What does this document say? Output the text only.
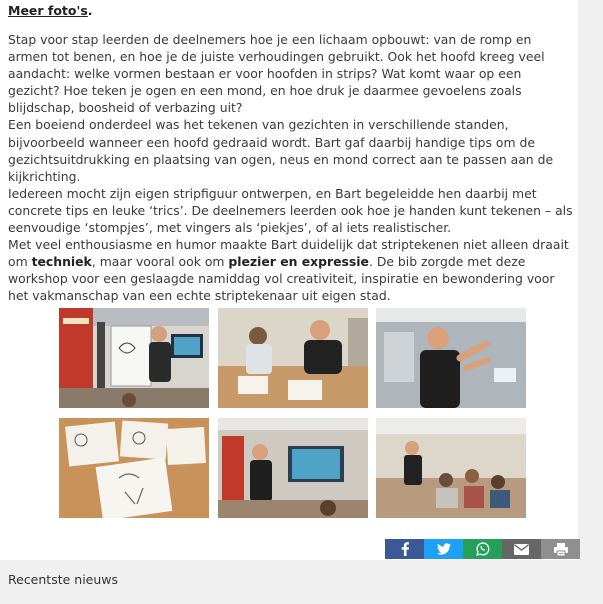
Meer foto's.

Stap voor stap leerden de deelnemers hoe je een lichaam opbouwt: van de romp en armen tot benen, en hoe je de juiste verhoudingen gebruikt. Ook het hoofd kreeg veel aandacht: welke vormen bestaan er voor hoofden in strips? Wat komt waar op een gezicht? Hoe teken je ogen en een mond, en hoe druk je daarmee gevoelens zoals blijdschap, boosheid of verbazing uit?

Een boeiend onderdeel was het tekenen van gezichten in verschillende standen, bijvoorbeeld wanneer een hoofd gedraaid wordt. Bart gaf daarbij handige tips om de gezichtsuitdrukking en plaatsing van ogen, neus en mond correct aan te passen aan de kijkrichting.

Iedereen mocht zijn eigen stripfiguur ontwerpen, en Bart begeleidde hen daarbij met concrete tips en leuke ‘trics’. De deelnemers leerden ook hoe je handen kunt tekenen – als eenvoudige ‘stompjes’, met vingers als ‘piekjes’, of al iets realistischer.

Met veel enthousiasme en humor maakte Bart duidelijk dat striptekenen niet alleen draait om techniek, maar vooral ook om plezier en expressie. De bib zorgde met deze workshop voor een geslaagde namiddag vol creativiteit, inspiratie en bewondering voor het vakmanschap van een echte striptekenaar uit eigen stad.

Recentste nieuws
